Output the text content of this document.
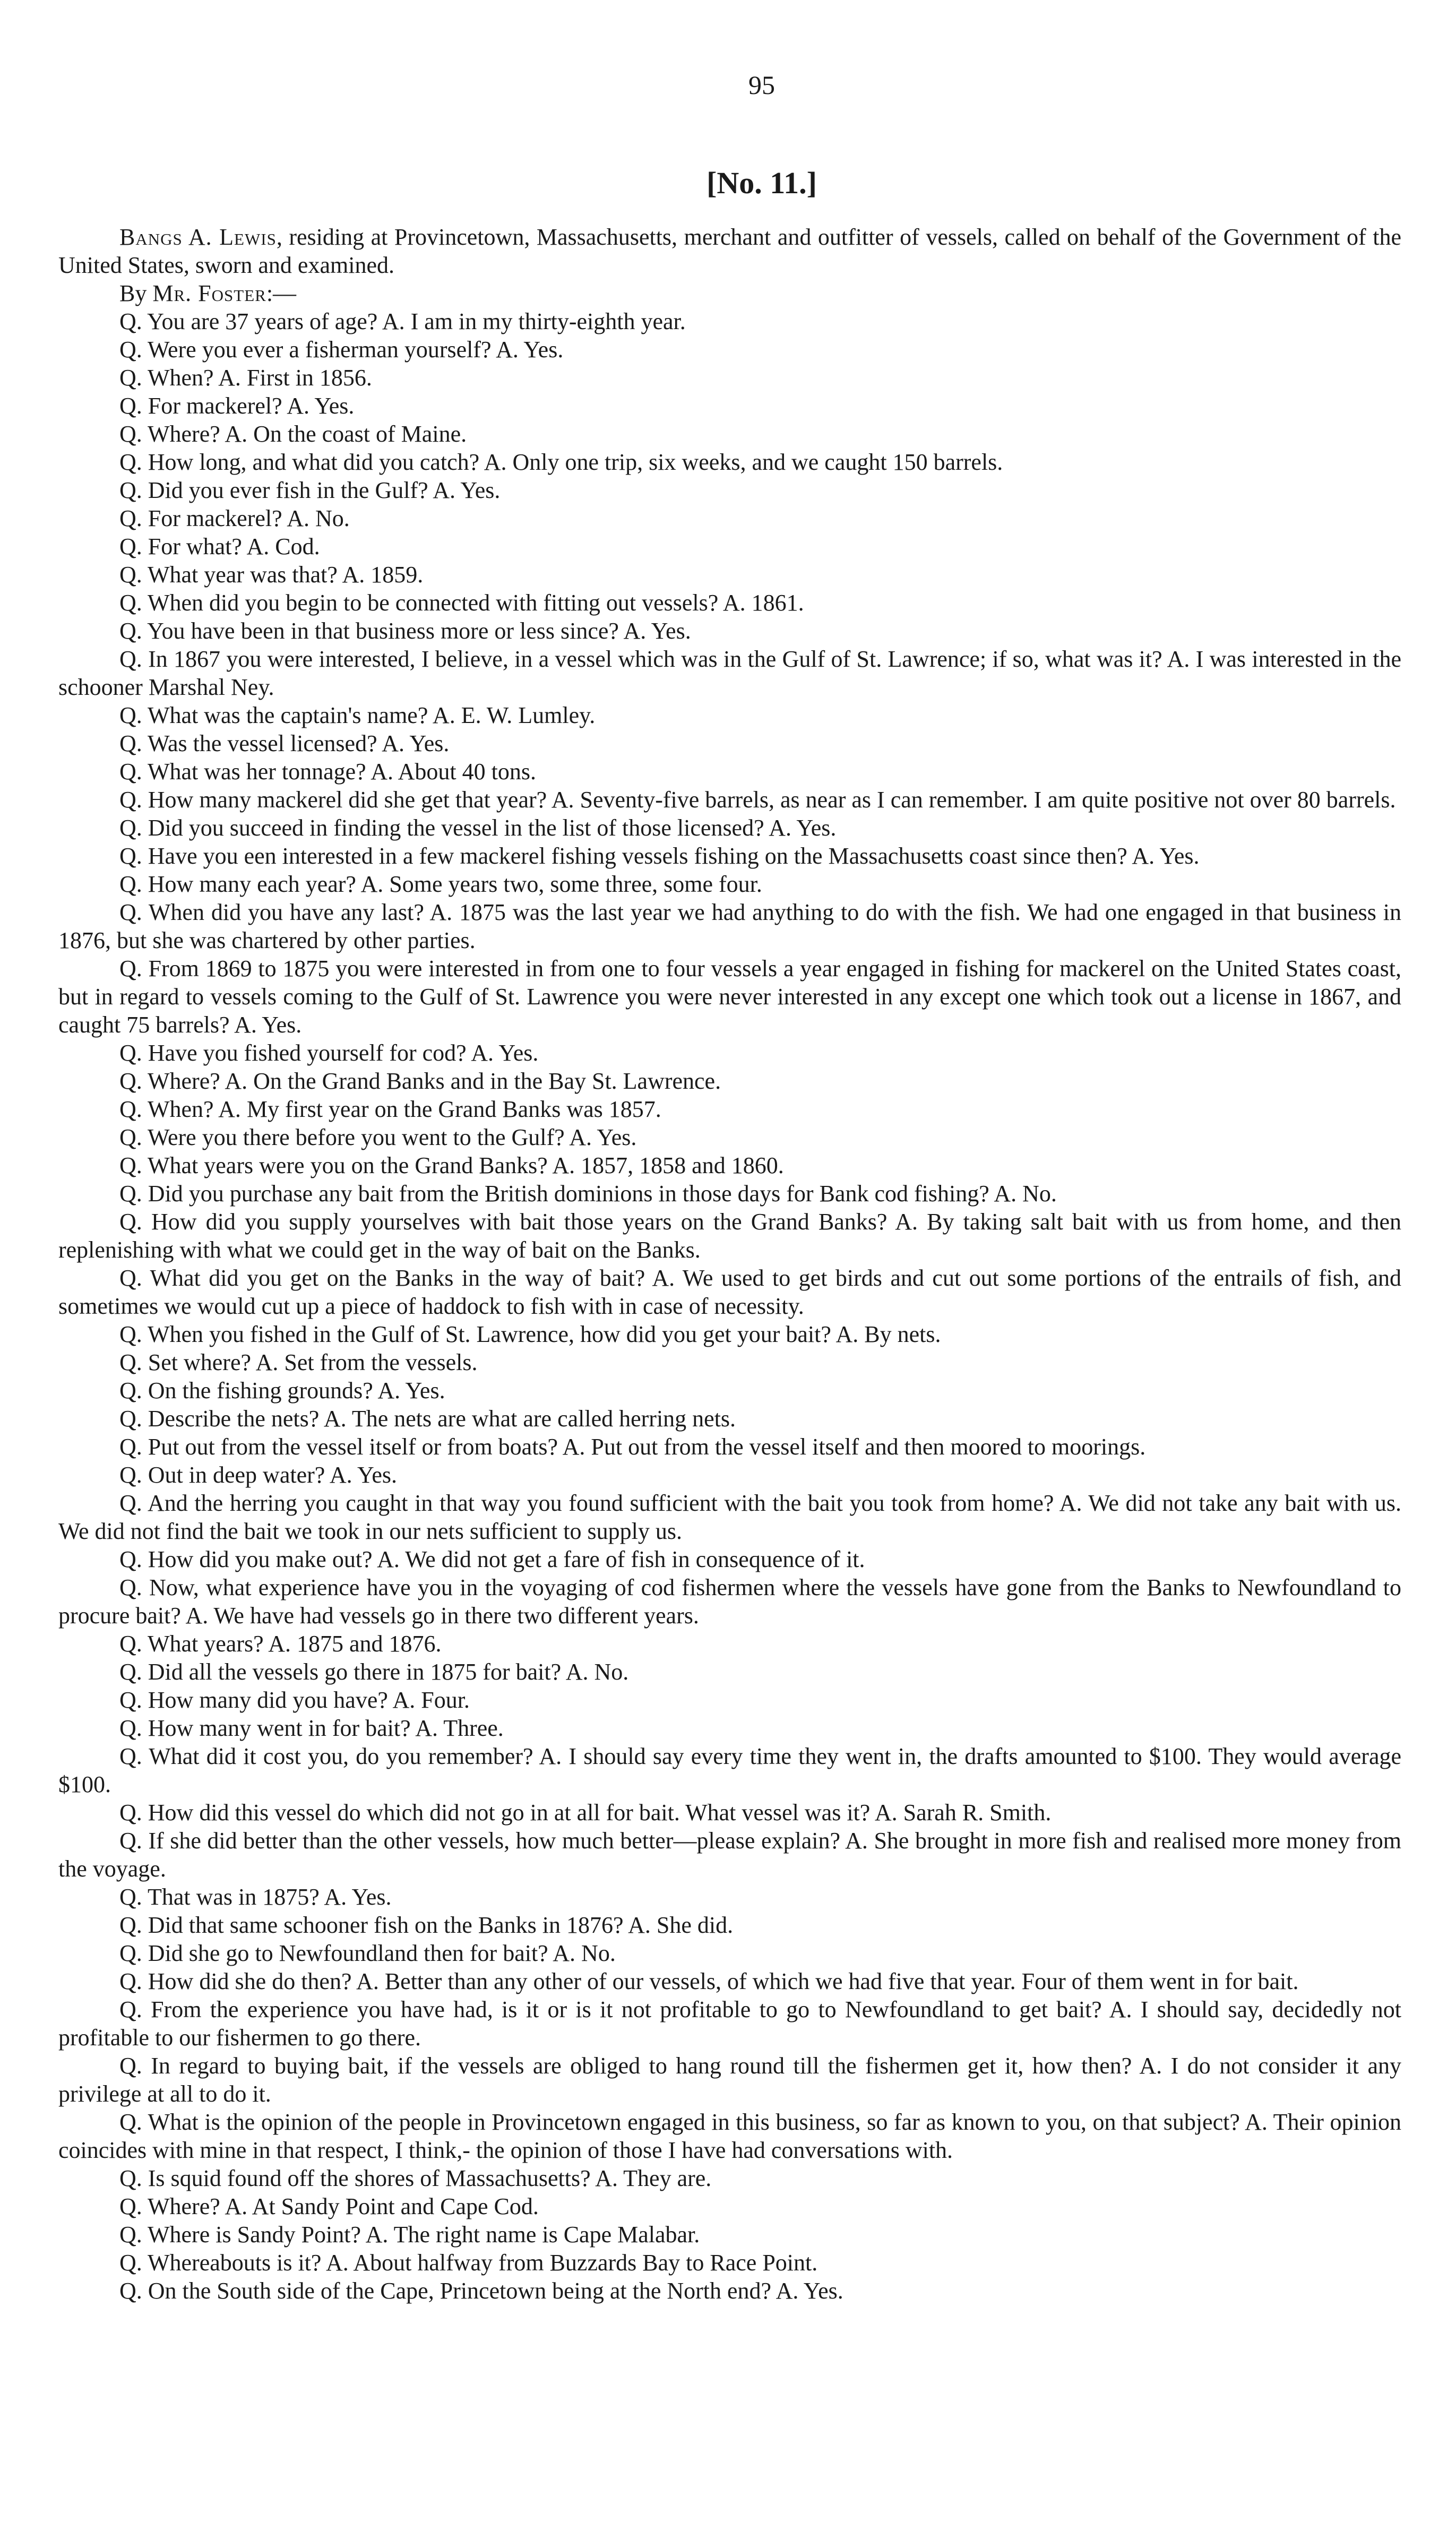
95
[No. 11.]

Bangs A. Lewis, residing at Provincetown, Massachusetts, merchant and outfitter of vessels, called on behalf of the Government of the United States, sworn and examined.

By Mr. Foster:—
Q. You are 37 years of age? A. I am in my thirty-eighth year.
Q. Were you ever a fisherman yourself? A. Yes.
Q. When? A. First in 1856.
Q. For mackerel? A. Yes.
Q. Where? A. On the coast of Maine.
Q. How long, and what did you catch? A. Only one trip, six weeks, and we caught 150 barrels.
Q. Did you ever fish in the Gulf? A. Yes.
Q. For mackerel? A. No.
Q. For what? A. Cod.
Q. What year was that? A. 1859.
Q. When did you begin to be connected with fitting out vessels? A. 1861.
Q. You have been in that business more or less since? A. Yes.
Q. In 1867 you were interested, I believe, in a vessel which was in the Gulf of St. Lawrence; if so, what was it? A. I was interested in the schooner Marshal Ney.
Q. What was the captain's name? A. E. W. Lumley.
Q. Was the vessel licensed? A. Yes.
Q. What was her tonnage? A. About 40 tons.
Q. How many mackerel did she get that year? A. Seventy-five barrels, as near as I can remember. I am quite positive not over 80 barrels.
Q. Did you succeed in finding the vessel in the list of those licensed? A. Yes.
Q. Have you een interested in a few mackerel fishing vessels fishing on the Massachusetts coast since then? A. Yes.
Q. How many each year? A. Some years two, some three, some four.
Q. When did you have any last? A. 1875 was the last year we had anything to do with the fish. We had one engaged in that business in 1876, but she was chartered by other parties.
Q. From 1869 to 1875 you were interested in from one to four vessels a year engaged in fishing for mackerel on the United States coast, but in regard to vessels coming to the Gulf of St. Lawrence you were never interested in any except one which took out a license in 1867, and caught 75 barrels? A. Yes.
Q. Have you fished yourself for cod? A. Yes.
Q. Where? A. On the Grand Banks and in the Bay St. Lawrence.
Q. When? A. My first year on the Grand Banks was 1857.
Q. Were you there before you went to the Gulf? A. Yes.
Q. What years were you on the Grand Banks? A. 1857, 1858 and 1860.
Q. Did you purchase any bait from the British dominions in those days for Bank cod fishing? A. No.
Q. How did you supply yourselves with bait those years on the Grand Banks? A. By taking salt bait with us from home, and then replenishing with what we could get in the way of bait on the Banks.
Q. What did you get on the Banks in the way of bait? A. We used to get birds and cut out some portions of the entrails of fish, and sometimes we would cut up a piece of haddock to fish with in case of necessity.
Q. When you fished in the Gulf of St. Lawrence, how did you get your bait? A. By nets.
Q. Set where? A. Set from the vessels.
Q. On the fishing grounds? A. Yes.
Q. Describe the nets? A. The nets are what are called herring nets.
Q. Put out from the vessel itself or from boats? A. Put out from the vessel itself and then moored to moorings.
Q. Out in deep water? A. Yes.
Q. And the herring you caught in that way you found sufficient with the bait you took from home? A. We did not take any bait with us. We did not find the bait we took in our nets sufficient to supply us.
Q. How did you make out? A. We did not get a fare of fish in consequence of it.
Q. Now, what experience have you in the voyaging of cod fishermen where the vessels have gone from the Banks to Newfoundland to procure bait? A. We have had vessels go in there two different years.
Q. What years? A. 1875 and 1876.
Q. Did all the vessels go there in 1875 for bait? A. No.
Q. How many did you have? A. Four.
Q. How many went in for bait? A. Three.
Q. What did it cost you, do you remember? A. I should say every time they went in, the drafts amounted to $100. They would average $100.
Q. How did this vessel do which did not go in at all for bait. What vessel was it? A. Sarah R. Smith.
Q. If she did better than the other vessels, how much better—please explain? A. She brought in more fish and realised more money from the voyage.
Q. That was in 1875? A. Yes.
Q. Did that same schooner fish on the Banks in 1876? A. She did.
Q. Did she go to Newfoundland then for bait? A. No.
Q. How did she do then? A. Better than any other of our vessels, of which we had five that year. Four of them went in for bait.
Q. From the experience you have had, is it or is it not profitable to go to Newfoundland to get bait? A. I should say, decidedly not profitable to our fishermen to go there.
Q. In regard to buying bait, if the vessels are obliged to hang round till the fishermen get it, how then? A. I do not consider it any privilege at all to do it.
Q. What is the opinion of the people in Provincetown engaged in this business, so far as known to you, on that subject? A. Their opinion coincides with mine in that respect, I think,- the opinion of those I have had conversations with.
Q. Is squid found off the shores of Massachusetts? A. They are.
Q. Where? A. At Sandy Point and Cape Cod.
Q. Where is Sandy Point? A. The right name is Cape Malabar.
Q. Whereabouts is it? A. About halfway from Buzzards Bay to Race Point.
Q. On the South side of the Cape, Princetown being at the North end? A. Yes.
